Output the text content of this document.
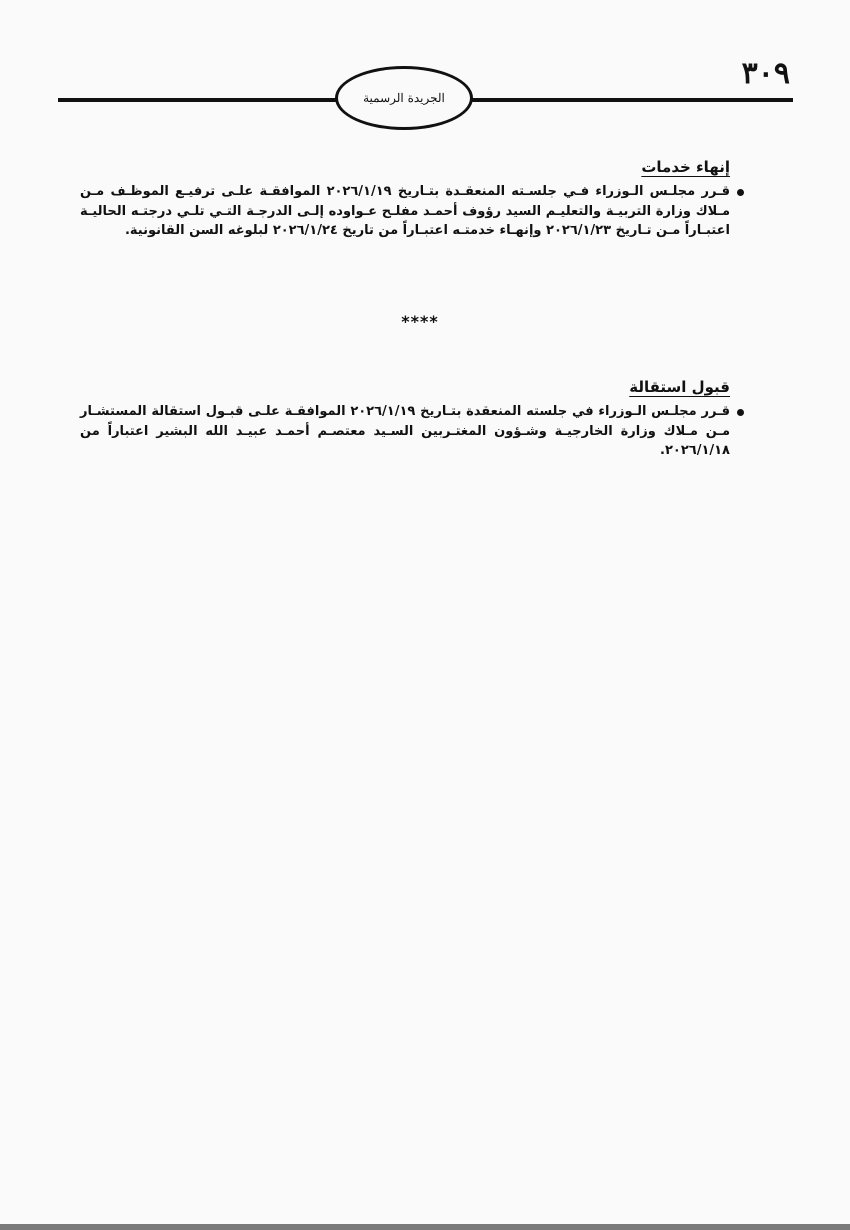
الجريدة الرسمية
٣٠٩
إنهاء خدمات

قـرر مجلـس الـوزراء فـي جلسـته المنعقـدة بتـاريخ ٢٠٢٦/١/١٩ الموافقـة علـى ترفيـع الموظـف مـن مـلاك وزارة التربيـة والتعليـم السيد رؤوف أحمـد مفلـح عـواوده إلـى الدرجـة التـي تلـي درجتـه الحاليـة اعتبـاراً مـن تـاريخ ٢٠٢٦/١/٢٣ وإنهـاء خدمتـه اعتبـاراً من تاريخ ٢٠٢٦/١/٢٤ لبلوغه السن القانونية.

****
قبول استقالة

قـرر مجلـس الـوزراء في جلسته المنعقدة بتـاريخ ٢٠٢٦/١/١٩ الموافقـة علـى قبـول استقالة المستشـار مـن مـلاك وزارة الخارجيـة وشـؤون المغتـربين السـيد معتصـم أحمـد عبيـد الله البشير اعتباراً من ٢٠٢٦/١/١٨.
